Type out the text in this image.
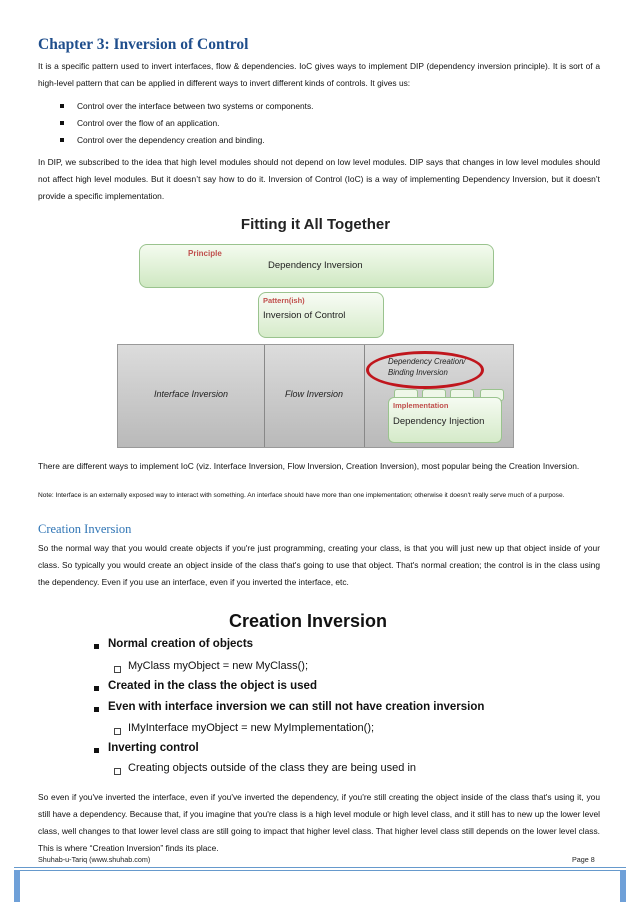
Chapter 3: Inversion of Control

It is a specific pattern used to invert interfaces, flow & dependencies. IoC gives ways to implement DIP (dependency inversion principle). It is sort of a high-level pattern that can be applied in different ways to invert different kinds of controls. It gives us:

Control over the interface between two systems or components.
Control over the flow of an application.
Control over the dependency creation and binding.

In DIP, we subscribed to the idea that high level modules should not depend on low level modules. DIP says that changes in low level modules should not affect high level modules. But it doesn’t say how to do it. Inversion of Control (IoC) is a way of implementing Dependency Inversion, but it doesn’t provide a specific implementation.

Fitting it All Together
Principle
Dependency Inversion
Pattern(ish)
Inversion of Control
Interface Inversion	Flow Inversion
Dependency Creation/
Binding Inversion
Implementation
Dependency Injection

There are different ways to implement IoC (viz. Interface Inversion, Flow Inversion, Creation Inversion), most popular being the Creation Inversion.

Note: Interface is an externally exposed way to interact with something. An interface should have more than one implementation; otherwise it doesn't really serve much of a purpose.

Creation Inversion

So the normal way that you would create objects if you're just programming, creating your class, is that you will just new up that object inside of your class. So typically you would create an object inside of the class that's going to use that object. That's normal creation; the control is in the class using the dependency. Even if you use an interface, even if you inverted the interface, etc.

Creation Inversion
Normal creation of objects
MyClass myObject = new MyClass();
Created in the class the object is used
Even with interface inversion we can still not have creation inversion
IMyInterface myObject = new MyImplementation();
Inverting control
Creating objects outside of the class they are being used in

So even if you've inverted the interface, even if you've inverted the dependency, if you're still creating the object inside of the class that's using it, you still have a dependency. Because that, if you imagine that you're class is a high level module or high level class, and it still has to new up the lower level class, well changes to that lower level class are still going to impact that higher level class. That higher level class still depends on the lower level class. This is where “Creation Inversion” finds its place.

Shuhab-u-Tariq (www.shuhab.com)	Page 8
